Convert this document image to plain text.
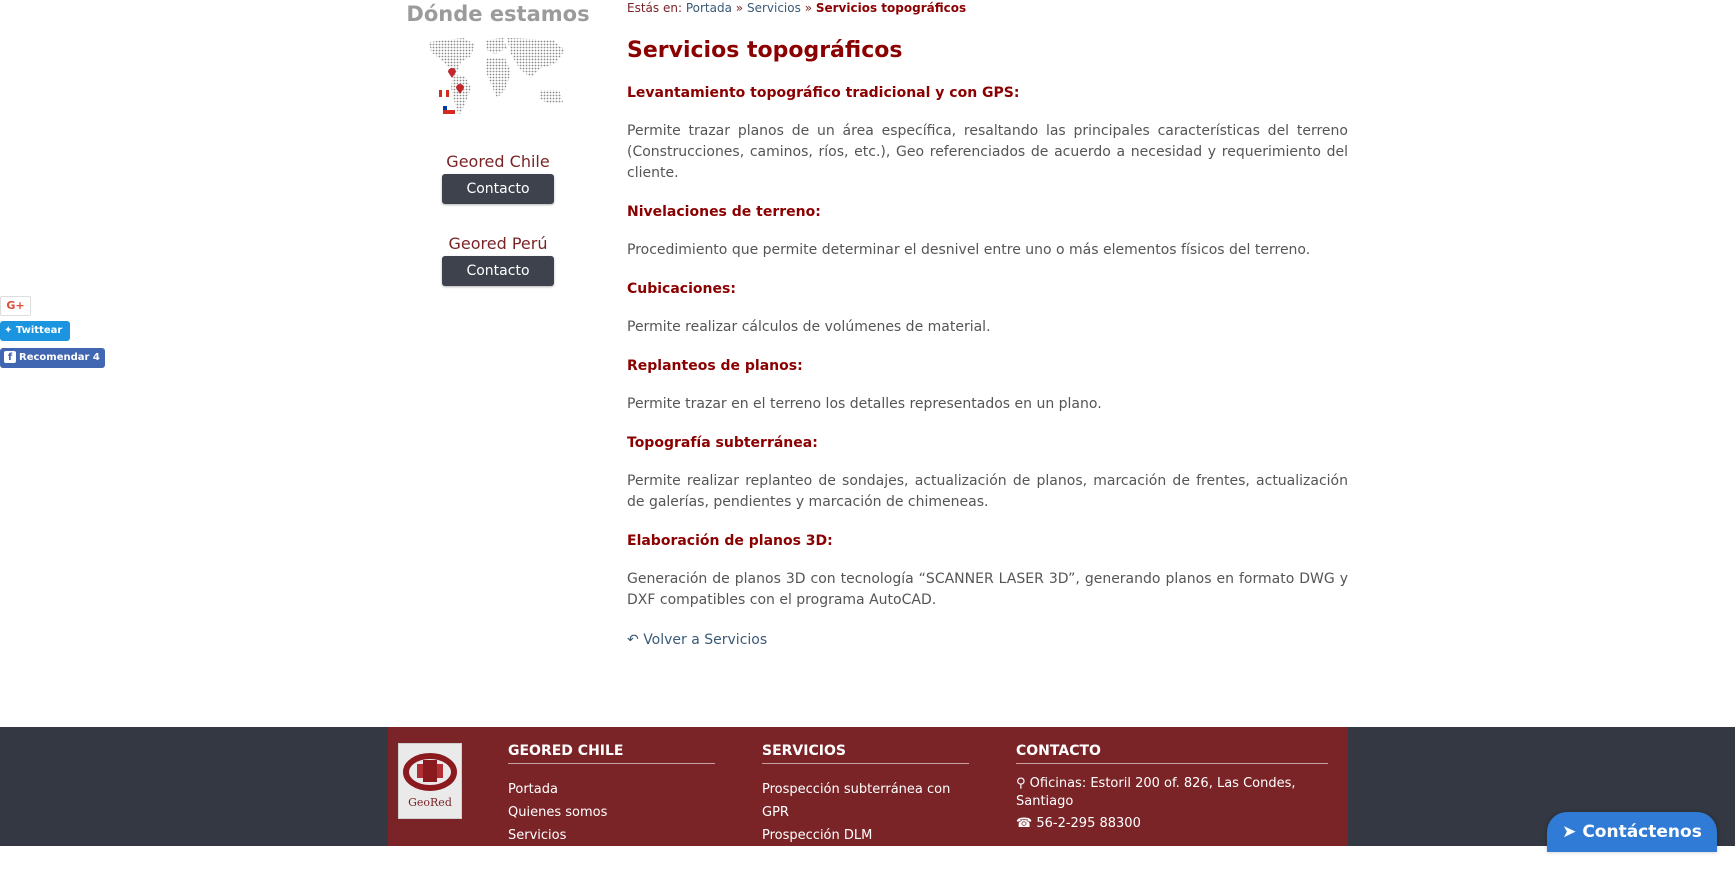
Dónde estamos
Geored Chile
Contacto
Geored Perú
Contacto
G+
✦ Twittear
f Recomendar 4
Estás en: Portada » Servicios » Servicios topográficos
Servicios topográficos
Levantamiento topográfico tradicional y con GPS:

Permite trazar planos de un área específica, resaltando las principales características del terreno (Construcciones, caminos, ríos, etc.), Geo referenciados de acuerdo a necesidad y requerimiento del cliente.

Nivelaciones de terreno:

Procedimiento que permite determinar el desnivel entre uno o más elementos físicos del terreno.

Cubicaciones:

Permite realizar cálculos de volúmenes de material.

Replanteos de planos:

Permite trazar en el terreno los detalles representados en un plano.

Topografía subterránea:

Permite realizar replanteo de sondajes, actualización de planos, marcación de frentes, actualización de galerías, pendientes y marcación de chimeneas.

Elaboración de planos 3D:

Generación de planos 3D con tecnología “SCANNER LASER 3D”, generando planos en formato DWG y DXF compatibles con el programa AutoCAD.

↶ Volver a Servicios
GeoRed
GEORED CHILE
Portada
Quienes somos
Servicios
SERVICIOS
Prospección subterránea con GPR
Prospección DLM
Detección de Municiones
CONTACTO
⚲ Oficinas: Estoril 200 of. 826, Las Condes, Santiago
☎ 56-2-295 88300	➤ Contáctenos
